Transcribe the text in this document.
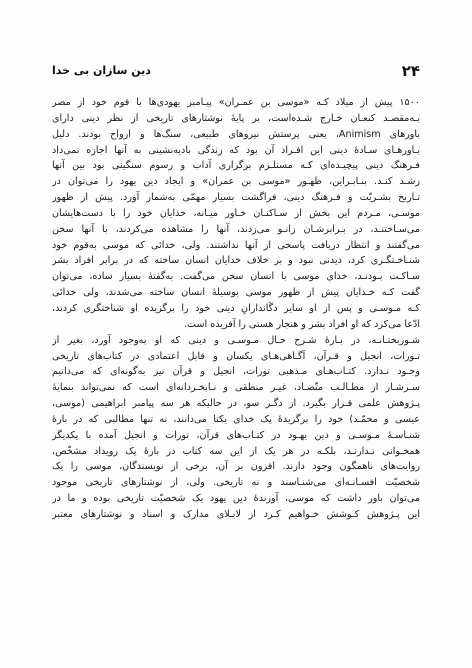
۲۴
دین سازان بی خدا
۱۵۰۰ پیش از میلاد کـه «موسی بن عمـران» پیـامبر یهودی‌ها با قوم خود از مصر
بـه‌مقصـد کنعـان خـارج شـده‌است، بر پایهٔ نوشتارهای تاریخی از نظر دینی دارای
باورهای Animism، یعنی پرستش نیروهای طبیعی، سنگ‌ها و ارواح بودند. دلیل
بـاورهـای سـادهٔ دینی این افـراد آن بود که زندگی بادیه‌نشینی به آنها اجازه نمی‌داد
فـرهنگ دینی پیچیـده‌ای کـه مستلـزم برگزاری آداب و رسوم سنگینی بود بین آنها
رشـد کنـد. بنـابـراین، ظهـور «موسی بن عمران» و ایجاد دین یهود را می‌توان در
تـاریخ بشـریّت و فـرهنگ دینی، فراگشت بسیار مهمّی به‌شمار آورد. پیش از ظهور
موسـی، مـردم این بخش از سـاکنـان خـاور میـانه، خدایان خود را با دست‌هایشان
می‌سـاختنـد، در بـرابرشـان زانـو می‌زدند، آنها را مشاهده می‌کردند، با آنها سخن
می‌گفتند و انتظار دریافت پاسخی از آنها نداشتند. ولی، خدائی که موسی به‌قوم خود
شنـاخـتگـری کرد، دیدنی نبود و بر خلاف خدایان انسان ساخته که در برابر افراد بشر
سـاکـت بـودنـد، خدای موسی با انسان سخن می‌گفت. به‌گفتهٔ بسیار ساده، می‌توان
گفت کـه خـدایان پیش از ظهور موسی بوسیلهٔ انسان ساخته می‌شدند، ولی خدائی
کـه مـوسـی و پس از او سایر دگَاندارانِ دینی خود را برگزیده او شناختگری کردند،
ادّعا می‌کرد که او افراد بشر و هنجار هستی را آفریده است.
شـوربختـانـه، در بـارهٔ شـرح حـال مـوسـی و دینی که او به‌وجود آورد، بغیر از
تـورات، انجیل و قـرآن، آگـاهی‌هـای یکسان و قابل اعتمادی در کتاب‌های تاریخی
وجـود نـدارد. کتـاب‌هـای مـذهبی تورات، انجیل و قرآن نیز به‌گونه‌ای که می‌دانیم
سـرشـار از مطـالـب متّضـاد، غیـر منطقی و نـابخـردانه‌ای است که نمی‌تواند بنمایهٔ
پـژوهش علمی قـرار بگیرد. از دگـر سو، در حالیکه هر سه پیامبر ابراهیمی (موسی،
عیسی و محمّـد) خود را برگزیدهٔ یک خدای یکتا می‌دانند، نه تنها مطالبی که در بارهٔ
شنـاسـهٔ مـوسـی و دین یهـود در کتـاب‌های قرآن، تورات و انجیل آمده با یکدیگر
همخـوانی نـدارنـد، بلکـه در هر یک از این سه کتاب در بارهٔ یک رویداد مشخّص،
روایت‌های ناهمگون وجود دارند. افزون بر آن، برخی از نویسندگان، موسی را یک
شخصیّت افسـانـه‌ای می‌شنـاسند و نه تاریخی. ولی، از نوشتارهای تاریخی موجود
می‌توان باور داشت که موسی، آورندهٔ دین یهود یک شخصیّت تاریخی بوده و ما در
این پـژوهش کـوشش خـواهیم کـرد از لابـلای مدارک و اسناد و نوشتارهای معتبر
